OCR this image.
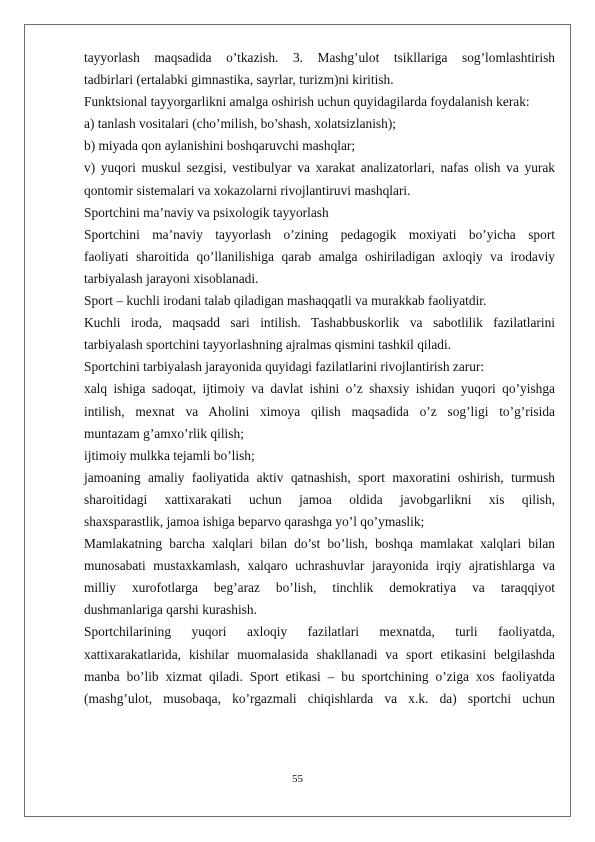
tayyorlash maqsadida o’tkazish. 3. Mashg’ulot tsikllariga sog’lomlashtirish

tadbirlari (ertalabki gimnastika, sayrlar, turizm)ni kiritish.

Funktsional tayyorgarlikni amalga oshirish uchun quyidagilarda foydalanish kerak:

a) tanlash vositalari (cho’milish, bo’shash, xolatsizlanish);

b) miyada qon aylanishini boshqaruvchi mashqlar;

v) yuqori muskul sezgisi, vestibulyar va xarakat analizatorlari, nafas olish va yurak

qontomir sistemalari va xokazolarni rivojlantiruvi mashqlari.

Sportchini ma’naviy va psixologik tayyorlash

Sportchini ma’naviy tayyorlash o’zining pedagogik moxiyati bo’yicha sport

faoliyati sharoitida qo’llanilishiga qarab amalga oshiriladigan axloqiy va irodaviy

tarbiyalash jarayoni xisoblanadi.

Sport – kuchli irodani talab qiladigan mashaqqatli va murakkab faoliyatdir.

Kuchli iroda, maqsadd sari intilish. Tashabbuskorlik va sabotlilik fazilatlarini

tarbiyalash sportchini tayyorlashning ajralmas qismini tashkil qiladi.

Sportchini tarbiyalash jarayonida quyidagi fazilatlarini rivojlantirish zarur:

xalq ishiga sadoqat, ijtimoiy va davlat ishini o’z shaxsiy ishidan yuqori qo’yishga

intilish, mexnat va Aholini ximoya qilish maqsadida o’z sog’ligi to’g’risida

muntazam g’amxo’rlik qilish;

ijtimoiy mulkka tejamli bo’lish;

jamoaning amaliy faoliyatida aktiv qatnashish, sport maxoratini oshirish, turmush

sharoitidagi xattixarakati uchun jamoa oldida javobgarlikni xis qilish,

shaxsparastlik, jamoa ishiga beparvo qarashga yo’l qo’ymaslik;

Mamlakatning barcha xalqlari bilan do’st bo’lish, boshqa mamlakat xalqlari bilan

munosabati mustaxkamlash, xalqaro uchrashuvlar jarayonida irqiy ajratishlarga va

milliy xurofotlarga beg’araz bo’lish, tinchlik demokratiya va taraqqiyot

dushmanlariga qarshi kurashish.

Sportchilarining yuqori axloqiy fazilatlari mexnatda, turli faoliyatda,

xattixarakatlarida, kishilar muomalasida shakllanadi va sport etikasini belgilashda

manba bo’lib xizmat qiladi. Sport etikasi – bu sportchining o’ziga xos faoliyatda

(mashg’ulot, musobaqa, ko’rgazmali chiqishlarda va x.k. da) sportchi uchun

55
